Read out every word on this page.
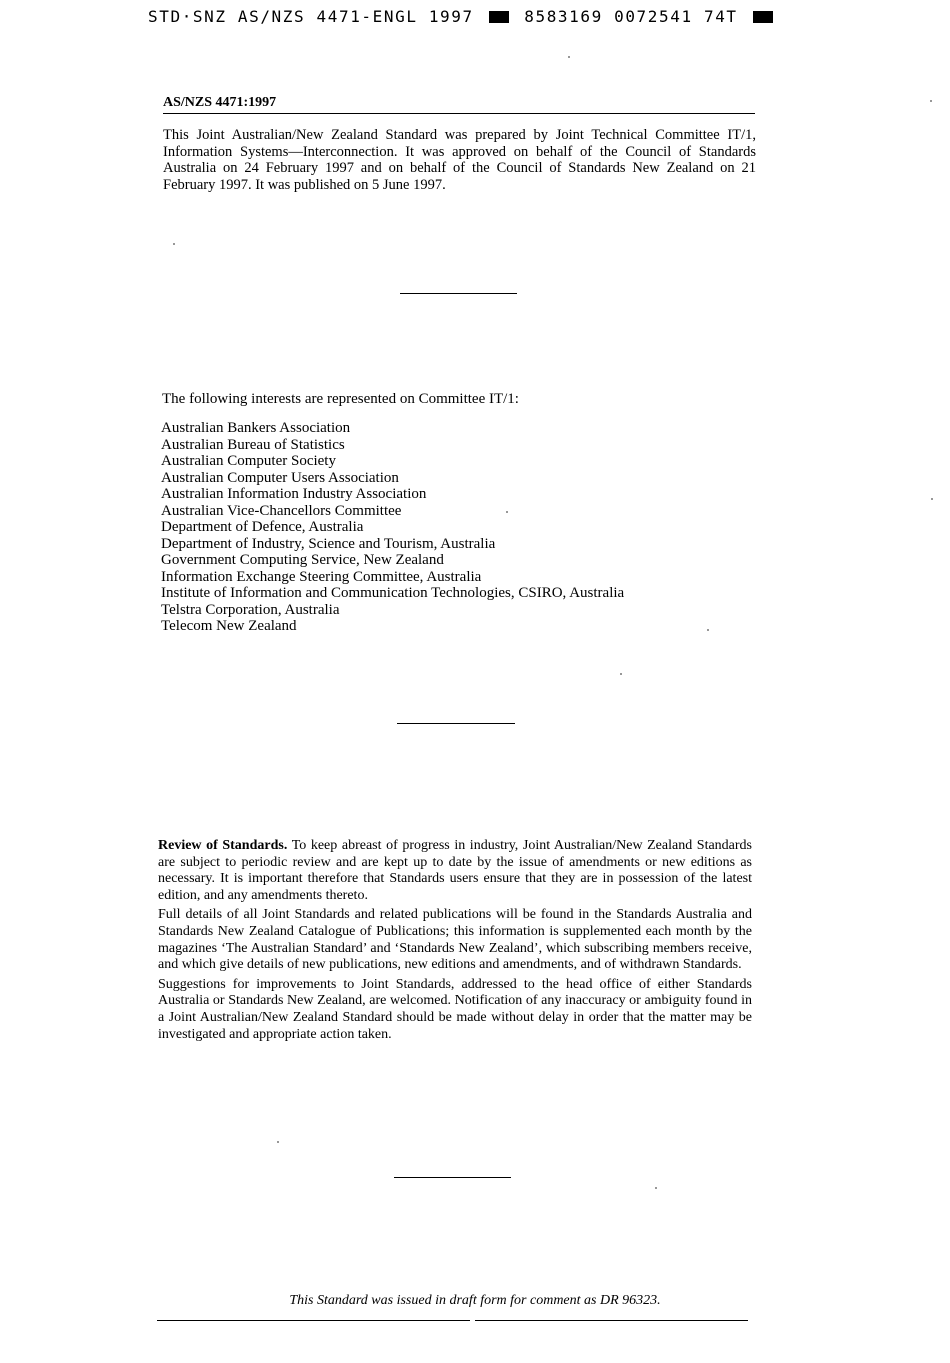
STD·SNZ AS/NZS 4471-ENGL 1997	8583169 0072541 74T
AS/NZS 4471:1997

This Joint Australian/New Zealand Standard was prepared by Joint Technical Committee IT/1, Information Systems—Interconnection. It was approved on behalf of the Council of Standards Australia on 24 February 1997 and on behalf of the Council of Standards New Zealand on 21 February 1997. It was published on 5 June 1997.

The following interests are represented on Committee IT/1:

Australian Bankers Association
Australian Bureau of Statistics
Australian Computer Society
Australian Computer Users Association
Australian Information Industry Association
Australian Vice-Chancellors Committee
Department of Defence, Australia
Department of Industry, Science and Tourism, Australia
Government Computing Service, New Zealand
Information Exchange Steering Committee, Australia
Institute of Information and Communication Technologies, CSIRO, Australia
Telstra Corporation, Australia
Telecom New Zealand

Review of Standards. To keep abreast of progress in industry, Joint Australian/New Zealand Standards are subject to periodic review and are kept up to date by the issue of amendments or new editions as necessary. It is important therefore that Standards users ensure that they are in possession of the latest edition, and any amendments thereto.

Full details of all Joint Standards and related publications will be found in the Standards Australia and Standards New Zealand Catalogue of Publications; this information is supplemented each month by the magazines ‘The Australian Standard’ and ‘Standards New Zealand’, which subscribing members receive, and which give details of new publications, new editions and amendments, and of withdrawn Standards.

Suggestions for improvements to Joint Standards, addressed to the head office of either Standards Australia or Standards New Zealand, are welcomed. Notification of any inaccuracy or ambiguity found in a Joint Australian/New Zealand Standard should be made without delay in order that the matter may be investigated and appropriate action taken.

This Standard was issued in draft form for comment as DR 96323.
